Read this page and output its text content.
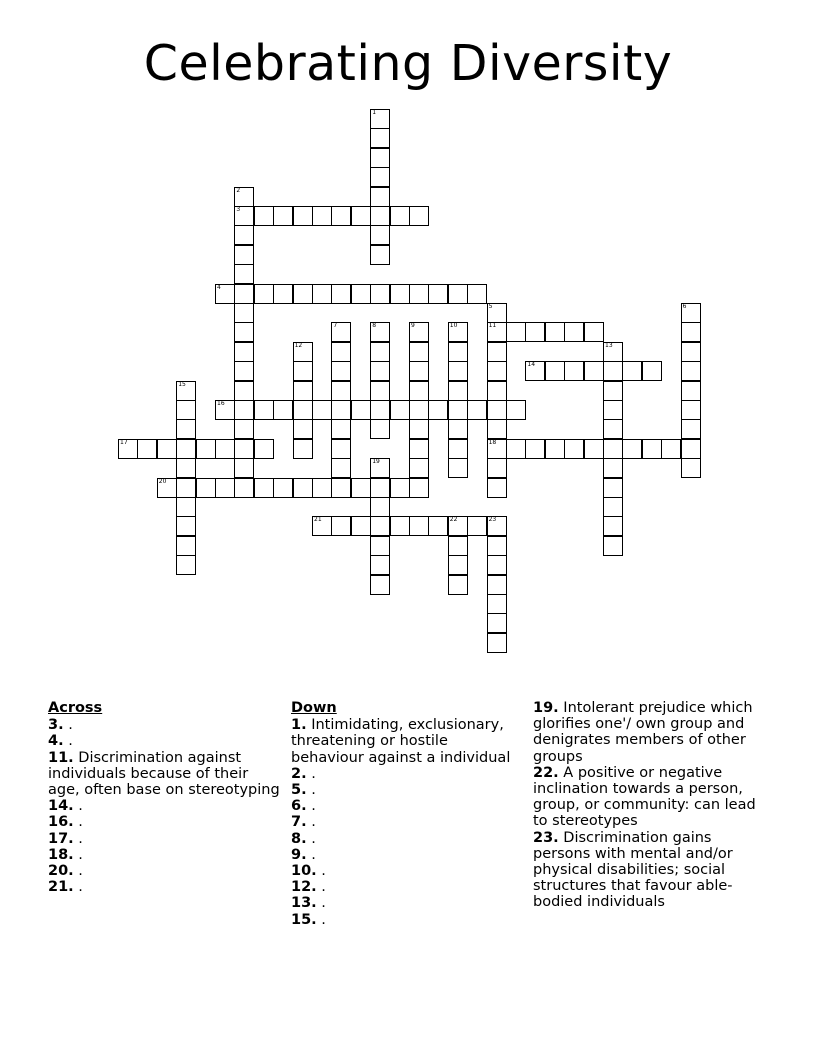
Celebrating Diversity
1
2
3
4
5
11
18
6
7	8	9	10
12	13
14
15
16
17
19
20
21	22	23
Across
3. .
4. .
11. Discrimination against individuals because of their age, often base on stereotyping
14. .
16. .
17. .
18. .
20. .
21. .
Down
1. Intimidating, exclusionary, threatening or hostile behaviour against a individual
2. .
5. .
6. .
7. .
8. .
9. .
10. .
12. .
13. .
15. .
19. Intolerant prejudice which glorifies one'/ own group and denigrates members of other groups
22. A positive or negative inclination towards a person, group, or community: can lead to stereotypes
23. Discrimination gains persons with mental and/or physical disabilities; social structures that favour able-bodied individuals
